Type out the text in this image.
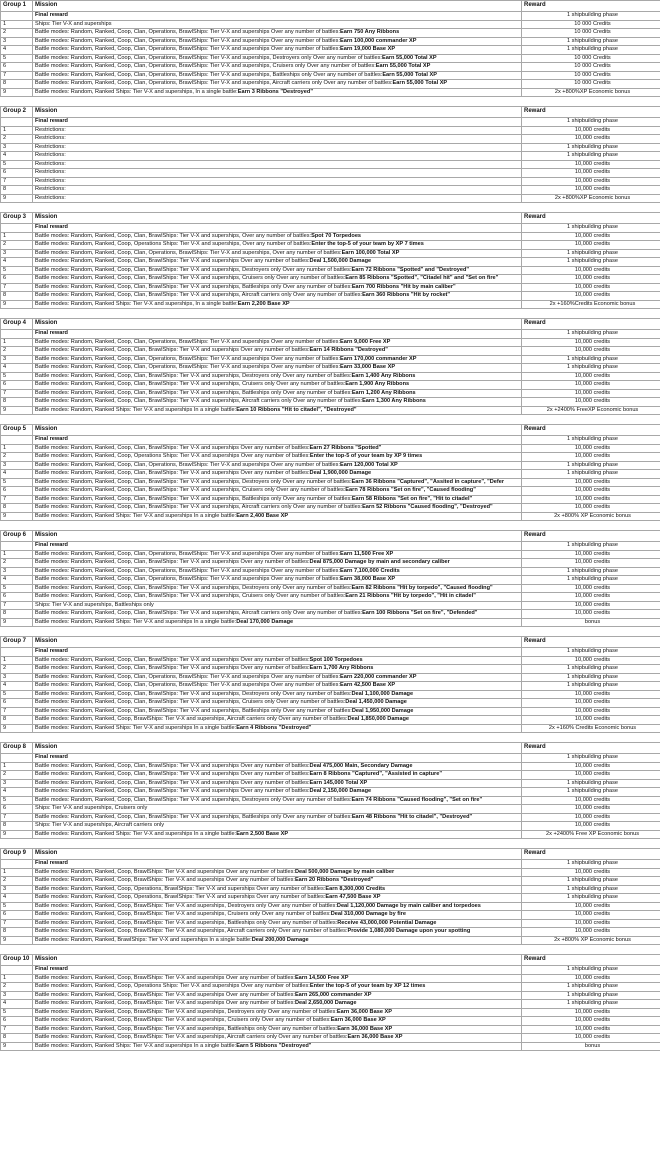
Group 1	Mission	Reward
	Final reward	1 shipbuilding phase
1	Ships: Tier V-X and superships	10 000 Credits
2	Battle modes: Random, Ranked, Coop, Clan, Operations, BrawlShips: Tier V-X and superships Over any number of battles:Earn 750 Any Ribbons	10 000 Credits
3	Battle modes: Random, Ranked, Coop, Clan, Operations, BrawlShips: Tier V-X and superships Over any number of battles:Earn 100,000 commander XP	1 shipbuilding phase
4	Battle modes: Random, Ranked, Coop, Clan, Operations, BrawlShips: Tier V-X and superships Over any number of battles:Earn 19,000 Base XP	1 shipbuilding phase
5	Battle modes: Random, Ranked, Coop, Clan, Operations, BrawlShips: Tier V-X and superships, Destroyers only Over any number of battles:Earn 55,000 Total XP	10 000 Credits
6	Battle modes: Random, Ranked, Coop, Clan, Operations, BrawlShips: Tier V-X and superships, Cruisers only Over any number of battles:Earn 55,000 Total XP	10 000 Credits
7	Battle modes: Random, Ranked, Coop, Clan, Operations, BrawlShips: Tier V-X and superships, Battleships only Over any number of battles:Earn 55,000 Total XP	10 000 Credits
8	Battle modes: Random, Ranked, Coop, Clan, Operations, BrawlShips: Tier V-X and superships, Aircraft carriers only Over any number of battles:Earn 55,000 Total XP	10 000 Credits
9	Battle modes: Random, Ranked Ships: Tier V-X and superships, In a single battle:Earn 3 Ribbons "Destroyed"	2x +800%XP Economic bonus
Group 2	Mission	Reward
	Final reward	1 shipbuilding phase
1	Restrictions:	10,000 credits
2	Restrictions:	10,000 credits
3	Restrictions:	1 shipbuilding phase
4	Restrictions:	1 shipbuilding phase
5	Restrictions:	10,000 credits
6	Restrictions:	10,000 credits
7	Restrictions:	10,000 credits
8	Restrictions:	10,000 credits
9	Restrictions:	2x +800%XP Economic bonus
Group 3	Mission	Reward
	Final reward	1 shipbuilding phase
1	Battle modes: Random, Ranked, Coop, Clan, BrawlShips: Tier V-X and superships, Over any number of battles:Spot 70 Torpedoes	10,000 credits
2	Battle modes: Random, Ranked, Coop, Operations Ships: Tier V-X and superships, Over any number of battles:Enter the top-5 of your team by XP 7 times	10,000 credits
3	Battle modes: Random, Ranked, Coop, Clan, Operations, BrawlShips: Tier V-X and superships, Over any number of battles:Earn 100,000 Total XP	1 shipbuilding phase
4	Battle modes: Random, Ranked, Coop, Clan, BrawlShips: Tier V-X and superships Over any number of battles:Deal 1,500,000 Damage	1 shipbuilding phase
5	Battle modes: Random, Ranked, Coop, Clan, BrawlShips: Tier V-X and superships, Destroyers only Over any number of battles:Earn 72 Ribbons "Spotted" and "Destroyed"	10,000 credits
6	Battle modes: Random, Ranked, Coop, Clan, BrawlShips: Tier V-X and superships, Cruisers only Over any number of battles:Earn 85 Ribbons "Spotted", "Citadel hit" and "Set on fire"	10,000 credits
7	Battle modes: Random, Ranked, Coop, Clan, BrawlShips: Tier V-X and superships, Battleships only Over any number of battles:Earn 700 Ribbons "Hit by main caliber"	10,000 credits
8	Battle modes: Random, Ranked, Coop, Clan, BrawlShips: Tier V-X and superships, Aircraft carriers only Over any number of battles:Earn 360 Ribbons "Hit by rocket"	10,000 credits
9	Battle modes: Random, Ranked Ships: Tier V-X and superships, In a single battle:Earn 2,200 Base XP	2x +160%Credits Economic bonus
Group 4	Mission	Reward
	Final reward	1 shipbuilding phase
1	Battle modes: Random, Ranked, Coop, Clan, Operations, BrawlShips: Tier V-X and superships Over any number of battles:Earn 9,000 Free XP	10,000 credits
2	Battle modes: Random, Ranked, Coop, Clan, BrawlShips: Tier V-X and superships Over any number of battles:Earn 14 Ribbons "Destroyed"	10,000 credits
3	Battle modes: Random, Ranked, Coop, Clan, Operations, BrawlShips: Tier V-X and superships Over any number of battles:Earn 170,000 commander XP	1 shipbuilding phase
4	Battle modes: Random, Ranked, Coop, Clan, Operations, BrawlShips: Tier V-X and superships Over any number of battles:Earn 33,000 Base XP	1 shipbuilding phase
5	Battle modes: Random, Ranked, Coop, Clan, BrawlShips: Tier V-X and superships, Destroyers only Over any number of battles:Earn 1,400 Any Ribbons	10,000 credits
6	Battle modes: Random, Ranked, Coop, Clan, BrawlShips: Tier V-X and superships, Cruisers only Over any number of battles:Earn 1,900 Any Ribbons	10,000 credits
7	Battle modes: Random, Ranked, Coop, Clan, BrawlShips: Tier V-X and superships, Battleships only Over any number of battles:Earn 1,200 Any Ribbons	10,000 credits
8	Battle modes: Random, Ranked, Coop, Clan, BrawlShips: Tier V-X and superships, Aircraft carriers only Over any number of battles:Earn 1,300 Any Ribbons	10,000 credits
9	Battle modes: Random, Ranked Ships: Tier V-X and superships In a single battle:Earn 10 Ribbons "Hit to citadel", "Destroyed"	2x +2400% FreeXP Economic bonus
Group 5	Mission	Reward
	Final reward	1 shipbuilding phase
1	Battle modes: Random, Ranked, Coop, Clan, BrawlShips: Tier V-X and superships Over any number of battles:Earn 27 Ribbons "Spotted"	10,000 credits
2	Battle modes: Random, Ranked, Coop, Operations Ships: Tier V-X and superships Over any number of battles:Enter the top-5 of your team by XP 9 times	10,000 credits
3	Battle modes: Random, Ranked, Coop, Clan, Operations, BrawlShips: Tier V-X and superships Over any number of battles:Earn 120,000 Total XP	1 shipbuilding phase
4	Battle modes: Random, Ranked, Coop, Clan, BrawlShips: Tier V-X and superships Over any number of battles:Deal 1,900,000 Damage	1 shipbuilding phase
5	Battle modes: Random, Ranked, Coop, Clan, BrawlShips: Tier V-X and superships, Destroyers only Over any number of battles:Earn 36 Ribbons "Captured", "Assited in capture", "Defer	10,000 credits
6	Battle modes: Random, Ranked, Coop, Clan, BrawlShips: Tier V-X and superships, Cruisers only Over any number of battles:Earn 78 Ribbons "Set on fire", "Caused flooding"	10,000 credits
7	Battle modes: Random, Ranked, Coop, Clan, BrawlShips: Tier V-X and superships, Battleships only Over any number of battles:Earn 58 Ribbons "Set on fire", "Hit to citadel"	10,000 credits
8	Battle modes: Random, Ranked, Coop, Clan, BrawlShips: Tier V-X and superships, Aircraft carriers only Over any number of battles:Earn 52 Ribbons "Caused flooding", "Destroyed"	10,000 credits
9	Battle modes: Random, Ranked Ships: Tier V-X and superships In a single battle:Earn 2,400 Base XP	2x +800% XP Economic bonus
Group 6	Mission	Reward
	Final reward	1 shipbuilding phase
1	Battle modes: Random, Ranked, Coop, Clan, Operations, BrawlShips: Tier V-X and superships Over any number of battles:Earn 11,500 Free XP	10,000 credits
2	Battle modes: Random, Ranked, Coop, Clan, BrawlShips: Tier V-X and superships Over any number of battles:Deal 875,000 Damage by main and secondary caliber	10,000 credits
3	Battle modes: Random, Ranked, Coop, Clan, Operations, BrawlShips: Tier V-X and superships Over any number of battles:Earn 7,100,000 Credits	1 shipbuilding phase
4	Battle modes: Random, Ranked, Coop, Clan, Operations, BrawlShips: Tier V-X and superships Over any number of battles:Earn 38,000 Base XP	1 shipbuilding phase
5	Battle modes: Random, Ranked, Coop, Clan, BrawlShips: Tier V-X and superships, Destroyers only Over any number of battles:Earn 82 Ribbons "Hit by torpedo", "Caused flooding"	10,000 credits
6	Battle modes: Random, Ranked, Coop, Clan, BrawlShips: Tier V-X and superships, Cruisers only Over any number of battles:Earn 21 Ribbons "Hit by torpedo", "Hit in citadel"	10,000 credits
7	Ships: Tier V-X and superships, Battleships only	10,000 credits
8	Battle modes: Random, Ranked, Coop, Clan, BrawlShips: Tier V-X and superships, Aircraft carriers only Over any number of battles:Earn 100 Ribbons "Set on fire", "Defended"	10,000 credits
9	Battle modes: Random, Ranked Ships: Tier V-X and superships In a single battle:Deal 170,000 Damage	bonus
Group 7	Mission	Reward
	Final reward	1 shipbuilding phase
1	Battle modes: Random, Ranked, Coop, Clan, BrawlShips: Tier V-X and superships Over any number of battles:Spot 100 Torpedoes	10,000 credits
2	Battle modes: Random, Ranked, Coop, Clan, BrawlShips: Tier V-X and superships Over any number of battles:Earn 1,700 Any Ribbons	1 shipbuilding phase
3	Battle modes: Random, Ranked, Coop, Clan, Operations, BrawlShips: Tier V-X and superships Over any number of battles:Earn 220,000 commander XP	1 shipbuilding phase
4	Battle modes: Random, Ranked, Coop, Clan, Operations, BrawlShips: Tier V-X and superships Over any number of battles:Earn 42,500 Base XP	1 shipbuilding phase
5	Battle modes: Random, Ranked, Coop, Clan, BrawlShips: Tier V-X and superships, Destroyers only Over any number of battles:Deal 1,100,000 Damage	10,000 credits
6	Battle modes: Random, Ranked, Coop, Clan, BrawlShips: Tier V-X and superships, Cruisers only Over any number of battles:Deal 1,450,000 Damage	10,000 credits
7	Battle modes: Random, Ranked, Coop, Clan, BrawlShips: Tier V-X and superships, Battleships only Over any number of battles:Deal 1,950,000 Damage	10,000 credits
8	Battle modes: Random, Ranked, Coop, BrawlShips: Tier V-X and superships, Aircraft carriers only Over any number of battles:Deal 1,850,000 Damage	10,000 credits
9	Battle modes: Random, Ranked Ships: Tier V-X and superships In a single battle:Earn 4 Ribbons "Destroyed"	2x +160% Credits Economic bonus
Group 8	Mission	Reward
	Final reward	1 shipbuilding phase
1	Battle modes: Random, Ranked, Coop, Clan, BrawlShips: Tier V-X and superships Over any number of battles:Deal 475,000 Main, Secondary Damage	10,000 credits
2	Battle modes: Random, Ranked, Coop, Clan, BrawlShips: Tier V-X and superships Over any number of battles:Earn 8 Ribbons "Captured", "Assisted in capture"	10,000 credits
3	Battle modes: Random, Ranked, Coop, Clan, BrawlShips: Tier V-X and superships Over any number of battles:Earn 145,000 Total XP	1 shipbuilding phase
4	Battle modes: Random, Ranked, Coop, Clan, BrawlShips: Tier V-X and superships Over any number of battles:Deal 2,150,000 Damage	1 shipbuilding phase
5	Battle modes: Random, Ranked, Coop, Clan, BrawlShips: Tier V-X and superships, Destroyers only Over any number of battles:Earn 74 Ribbons "Caused flooding", "Set on fire"	10,000 credits
6	Ships: Tier V-X and superships, Cruisers only	10,000 credits
7	Battle modes: Random, Ranked, Coop, Clan, BrawlShips: Tier V-X and superships, Battleships only Over any number of battles:Earn 48 Ribbons "Hit to citadel", "Destroyed"	10,000 credits
8	Ships: Tier V-X and superships, Aircraft carriers only	10,000 credits
9	Battle modes: Random, Ranked Ships: Tier V-X and superships In a single battle:Earn 2,500 Base XP	2x +2400% Free XP Economic bonus
Group 9	Mission	Reward
	Final reward	1 shipbuilding phase
1	Battle modes: Random, Ranked, Coop, BrawlShips: Tier V-X and superships Over any number of battles:Deal 500,000 Damage by main caliber	10,000 credits
2	Battle modes: Random, Ranked, Coop, BrawlShips: Tier V-X and superships Over any number of battles:Earn 20 Ribbons "Destroyed"	1 shipbuilding phase
3	Battle modes: Random, Ranked, Coop, Operations, BrawlShips: Tier V-X and superships Over any number of battles:Earn 8,300,000 Credits	1 shipbuilding phase
4	Battle modes: Random, Ranked, Coop, Operations, BrawlShips: Tier V-X and superships Over any number of battles:Earn 47,500 Base XP	1 shipbuilding phase
5	Battle modes: Random, Ranked, Coop, BrawlShips: Tier V-X and superships, Destroyers only Over any number of battles:Deal 1,120,000 Damage by main caliber and torpedoes	10,000 credits
6	Battle modes: Random, Ranked, Coop, BrawlShips: Tier V-X and superships, Cruisers only Over any number of battles:Deal 310,000 Damage by fire	10,000 credits
7	Battle modes: Random, Ranked, Coop, BrawlShips: Tier V-X and superships, Battleships only Over any number of battles:Receive 43,000,000 Potential Damage	10,000 credits
8	Battle modes: Random, Ranked, Coop, BrawlShips: Tier V-X and superships, Aircraft carriers only Over any number of battles:Provide 1,080,000 Damage upon your spotting	10,000 credits
9	Battle modes: Random, Ranked, BrawlShips: Tier V-X and superships In a single battle:Deal 200,000 Damage	2x +800% XP Economic bonus
Group 10	Mission	Reward
	Final reward	1 shipbuilding phase
1	Battle modes: Random, Ranked, Coop, BrawlShips: Tier V-X and superships Over any number of battles:Earn 14,500 Free XP	10,000 credits
2	Battle modes: Random, Ranked, Coop, Operations Ships: Tier V-X and superships Over any number of battles:Enter the top-5 of your team by XP 12 times	1 shipbuilding phase
3	Battle modes: Random, Ranked, Coop, BrawlShips: Tier V-X and superships Over any number of battles:Earn 265,000 commander XP	1 shipbuilding phase
4	Battle modes: Random, Ranked, Coop, BrawlShips: Tier V-X and superships Over any number of battles:Deal 2,650,000 Damage	1 shipbuilding phase
5	Battle modes: Random, Ranked, Coop, BrawlShips: Tier V-X and superships, Destroyers only Over any number of battles:Earn 36,000 Base XP	10,000 credits
6	Battle modes: Random, Ranked, Coop, BrawlShips: Tier V-X and superships, Cruisers only Over any number of battles:Earn 36,000 Base XP	10,000 credits
7	Battle modes: Random, Ranked, Coop, BrawlShips: Tier V-X and superships, Battleships only Over any number of battles:Earn 36,000 Base XP	10,000 credits
8	Battle modes: Random, Ranked, Coop, BrawlShips: Tier V-X and superships, Aircraft carriers only Over any number of battles:Earn 36,000 Base XP	10,000 credits
9	Battle modes: Random, Ranked Ships: Tier V-X and superships In a single battle:Earn 5 Ribbons "Destroyed"	bonus
